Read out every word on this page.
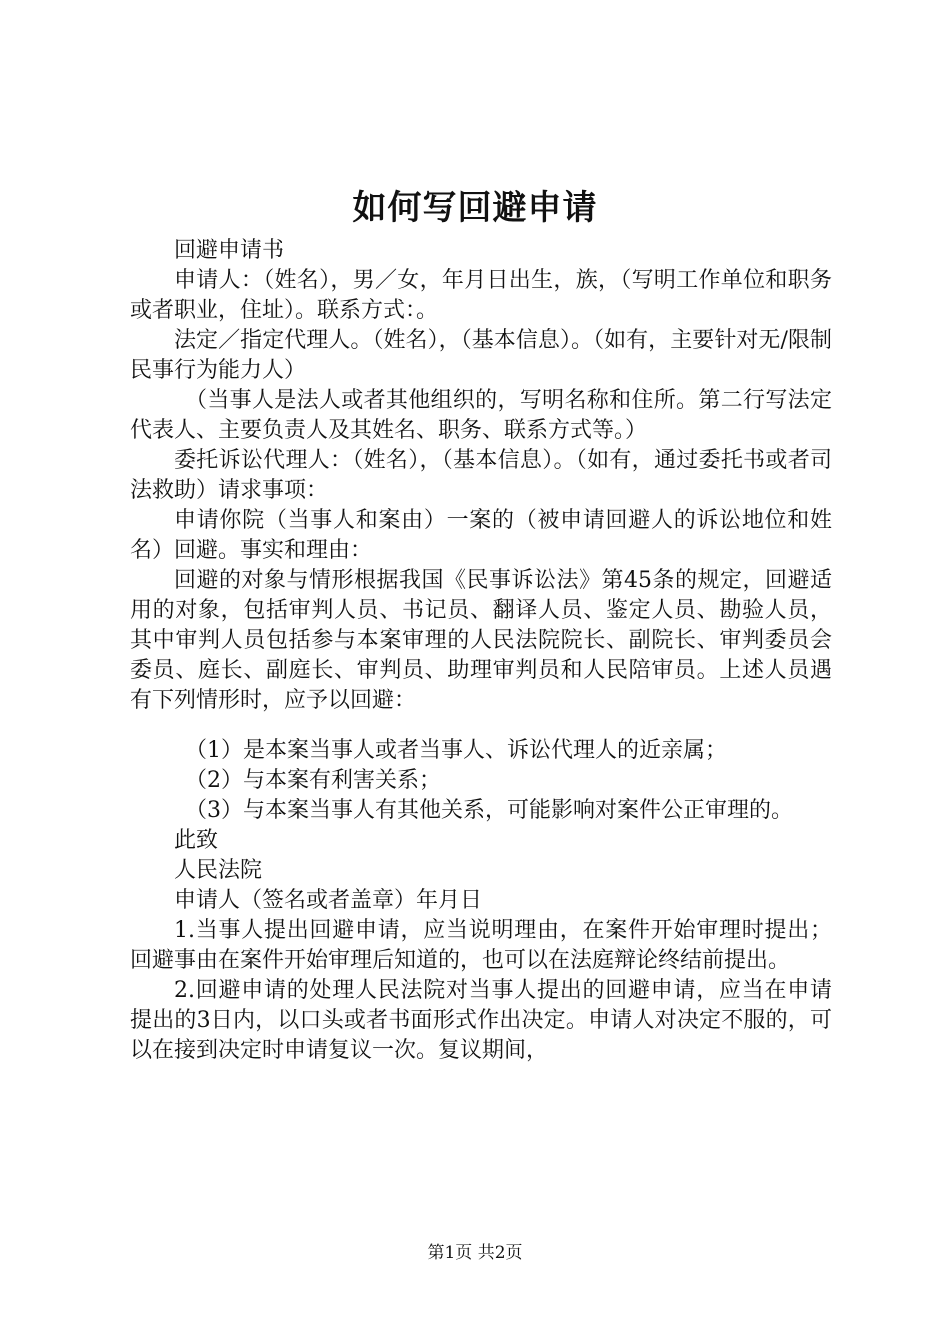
如何写回避申请

回避申请书

申请人：（姓名），男／女，年月日出生，族，（写明工作单位和职务或者职业，住址）。联系方式：。

法定／指定代理人。（姓名），（基本信息）。（如有，主要针对无/限制民事行为能力人）

（当事人是法人或者其他组织的，写明名称和住所。第二行写法定代表人、主要负责人及其姓名、职务、联系方式等。）

委托诉讼代理人：（姓名），（基本信息）。（如有，通过委托书或者司法救助）请求事项：

申请你院（当事人和案由）一案的（被申请回避人的诉讼地位和姓名）回避。事实和理由：

回避的对象与情形根据我国《民事诉讼法》第45条的规定，回避适用的对象，包括审判人员、书记员、翻译人员、鉴定人员、勘验人员，其中审判人员包括参与本案审理的人民法院院长、副院长、审判委员会委员、庭长、副庭长、审判员、助理审判员和人民陪审员。上述人员遇有下列情形时，应予以回避：

（1）是本案当事人或者当事人、诉讼代理人的近亲属；

（2）与本案有利害关系；

（3）与本案当事人有其他关系，可能影响对案件公正审理的。

此致

人民法院

申请人（签名或者盖章）年月日

1.当事人提出回避申请，应当说明理由，在案件开始审理时提出；回避事由在案件开始审理后知道的，也可以在法庭辩论终结前提出。

2.回避申请的处理人民法院对当事人提出的回避申请，应当在申请提出的3日内，以口头或者书面形式作出决定。申请人对决定不服的，可以在接到决定时申请复议一次。复议期间，

第1页 共2页
